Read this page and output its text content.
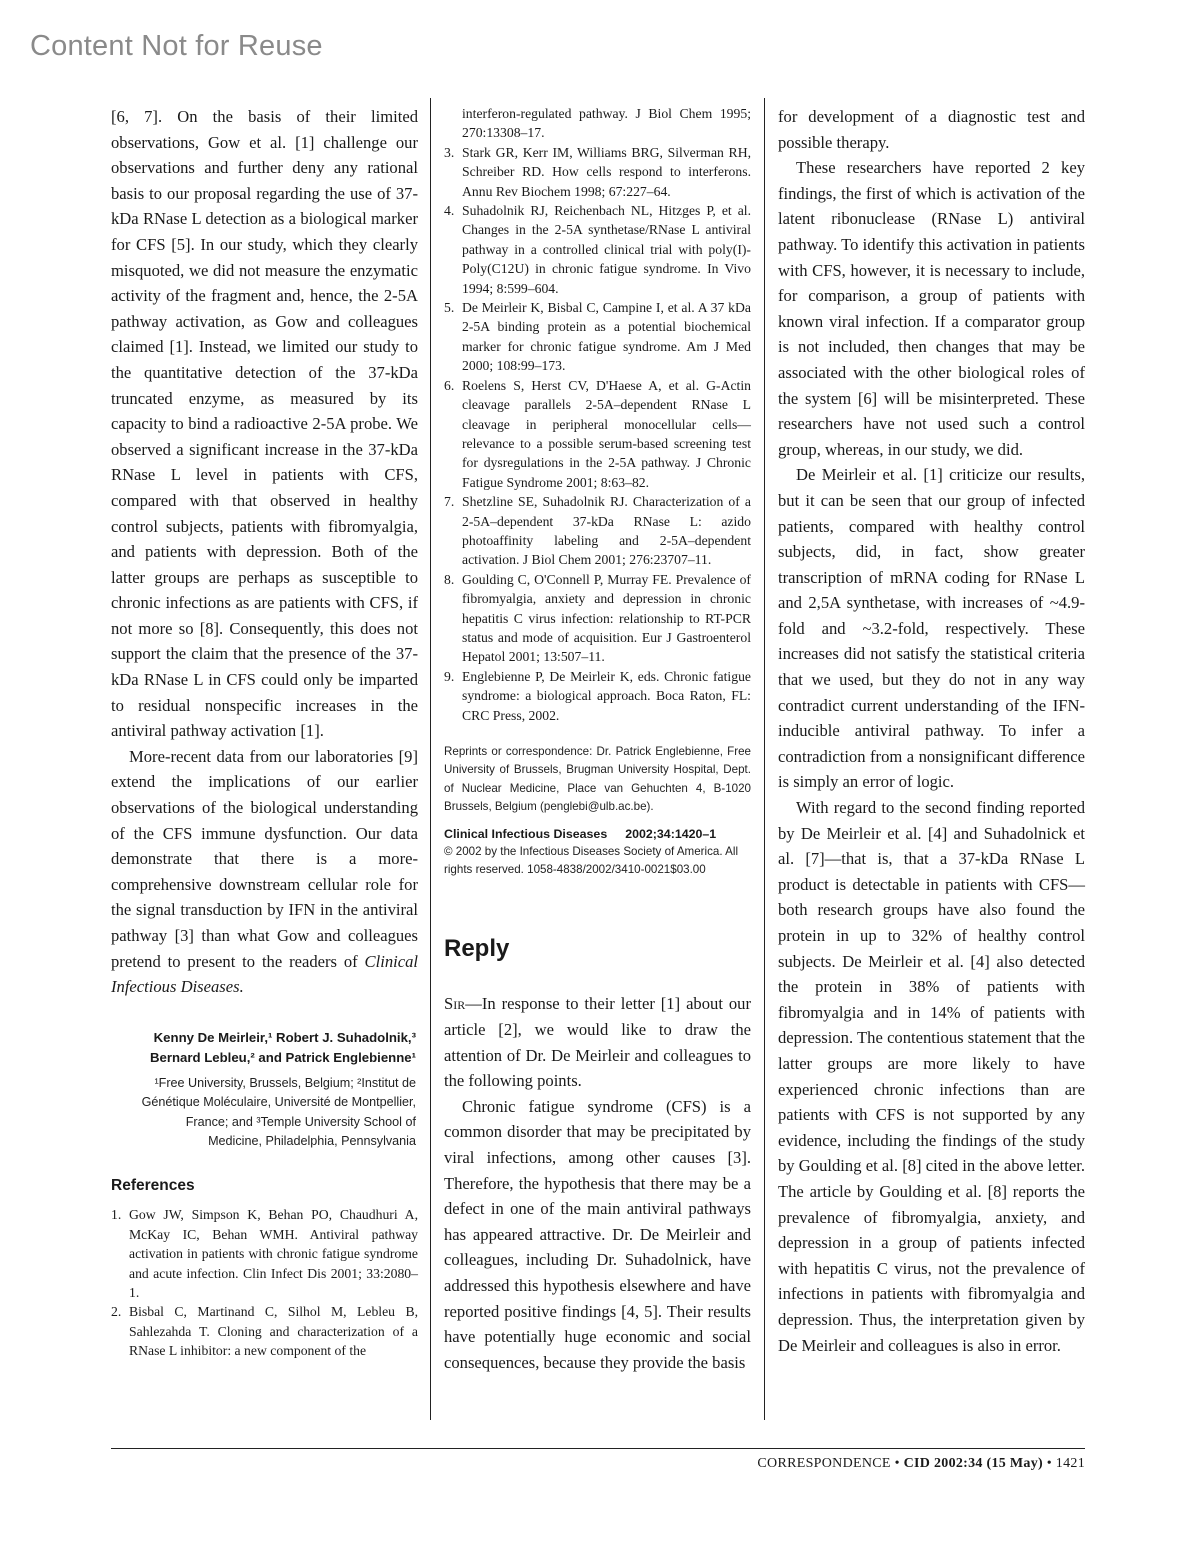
Content Not for Reuse

[6, 7]. On the basis of their limited observations, Gow et al. [1] challenge our observations and further deny any rational basis to our proposal regarding the use of 37-kDa RNase L detection as a biological marker for CFS [5]. In our study, which they clearly misquoted, we did not measure the enzymatic activity of the fragment and, hence, the 2-5A pathway activation, as Gow and colleagues claimed [1]. Instead, we limited our study to the quantitative detection of the 37-kDa truncated enzyme, as measured by its capacity to bind a radioactive 2-5A probe. We observed a significant increase in the 37-kDa RNase L level in patients with CFS, compared with that observed in healthy control subjects, patients with fibromyalgia, and patients with depression. Both of the latter groups are perhaps as susceptible to chronic infections as are patients with CFS, if not more so [8]. Consequently, this does not support the claim that the presence of the 37-kDa RNase L in CFS could only be imparted to residual nonspecific increases in the antiviral pathway activation [1].

More-recent data from our laboratories [9] extend the implications of our earlier observations of the biological understanding of the CFS immune dysfunction. Our data demonstrate that there is a more-comprehensive downstream cellular role for the signal transduction by IFN in the antiviral pathway [3] than what Gow and colleagues pretend to present to the readers of Clinical Infectious Diseases.

Kenny De Meirleir,¹ Robert J. Suhadolnik,³
Bernard Lebleu,² and Patrick Englebienne¹
¹Free University, Brussels, Belgium; ²Institut de Génétique Moléculaire, Université de Montpellier, France; and ³Temple University School of Medicine, Philadelphia, Pennsylvania
References
1. Gow JW, Simpson K, Behan PO, Chaudhuri A, McKay IC, Behan WMH. Antiviral pathway activation in patients with chronic fatigue syndrome and acute infection. Clin Infect Dis 2001; 33:2080–1.
2. Bisbal C, Martinand C, Silhol M, Lebleu B, Sahlezahda T. Cloning and characterization of a RNase L inhibitor: a new component of the
interferon-regulated pathway. J Biol Chem 1995; 270:13308–17.
3. Stark GR, Kerr IM, Williams BRG, Silverman RH, Schreiber RD. How cells respond to interferons. Annu Rev Biochem 1998; 67:227–64.
4. Suhadolnik RJ, Reichenbach NL, Hitzges P, et al. Changes in the 2-5A synthetase/RNase L antiviral pathway in a controlled clinical trial with poly(I)-Poly(C12U) in chronic fatigue syndrome. In Vivo 1994; 8:599–604.
5. De Meirleir K, Bisbal C, Campine I, et al. A 37 kDa 2-5A binding protein as a potential biochemical marker for chronic fatigue syndrome. Am J Med 2000; 108:99–173.
6. Roelens S, Herst CV, D'Haese A, et al. G-Actin cleavage parallels 2-5A–dependent RNase L cleavage in peripheral monocellular cells—relevance to a possible serum-based screening test for dysregulations in the 2-5A pathway. J Chronic Fatigue Syndrome 2001; 8:63–82.
7. Shetzline SE, Suhadolnik RJ. Characterization of a 2-5A–dependent 37-kDa RNase L: azido photoaffinity labeling and 2-5A–dependent activation. J Biol Chem 2001; 276:23707–11.
8. Goulding C, O'Connell P, Murray FE. Prevalence of fibromyalgia, anxiety and depression in chronic hepatitis C virus infection: relationship to RT-PCR status and mode of acquisition. Eur J Gastroenterol Hepatol 2001; 13:507–11.
9. Englebienne P, De Meirleir K, eds. Chronic fatigue syndrome: a biological approach. Boca Raton, FL: CRC Press, 2002.
Reprints or correspondence: Dr. Patrick Englebienne, Free University of Brussels, Brugman University Hospital, Dept. of Nuclear Medicine, Place van Gehuchten 4, B-1020 Brussels, Belgium (penglebi@ulb.ac.be).
Clinical Infectious Diseases 2002;34:1420–1
© 2002 by the Infectious Diseases Society of America. All rights reserved. 1058-4838/2002/3410-0021$03.00
Reply

Sir—In response to their letter [1] about our article [2], we would like to draw the attention of Dr. De Meirleir and colleagues to the following points.

Chronic fatigue syndrome (CFS) is a common disorder that may be precipitated by viral infections, among other causes [3]. Therefore, the hypothesis that there may be a defect in one of the main antiviral pathways has appeared attractive. Dr. De Meirleir and colleagues, including Dr. Suhadolnick, have addressed this hypothesis elsewhere and have reported positive findings [4, 5]. Their results have potentially huge economic and social consequences, because they provide the basis

for development of a diagnostic test and possible therapy.

These researchers have reported 2 key findings, the first of which is activation of the latent ribonuclease (RNase L) antiviral pathway. To identify this activation in patients with CFS, however, it is necessary to include, for comparison, a group of patients with known viral infection. If a comparator group is not included, then changes that may be associated with the other biological roles of the system [6] will be misinterpreted. These researchers have not used such a control group, whereas, in our study, we did.

De Meirleir et al. [1] criticize our results, but it can be seen that our group of infected patients, compared with healthy control subjects, did, in fact, show greater transcription of mRNA coding for RNase L and 2,5A synthetase, with increases of ~4.9-fold and ~3.2-fold, respectively. These increases did not satisfy the statistical criteria that we used, but they do not in any way contradict current understanding of the IFN-inducible antiviral pathway. To infer a contradiction from a nonsignificant difference is simply an error of logic.

With regard to the second finding reported by De Meirleir et al. [4] and Suhadolnick et al. [7]—that is, that a 37-kDa RNase L product is detectable in patients with CFS—both research groups have also found the protein in up to 32% of healthy control subjects. De Meirleir et al. [4] also detected the protein in 38% of patients with fibromyalgia and in 14% of patients with depression. The contentious statement that the latter groups are more likely to have experienced chronic infections than are patients with CFS is not supported by any evidence, including the findings of the study by Goulding et al. [8] cited in the above letter. The article by Goulding et al. [8] reports the prevalence of fibromyalgia, anxiety, and depression in a group of patients infected with hepatitis C virus, not the prevalence of infections in patients with fibromyalgia and depression. Thus, the interpretation given by De Meirleir and colleagues is also in error.

CORRESPONDENCE • CID 2002:34 (15 May) • 1421
